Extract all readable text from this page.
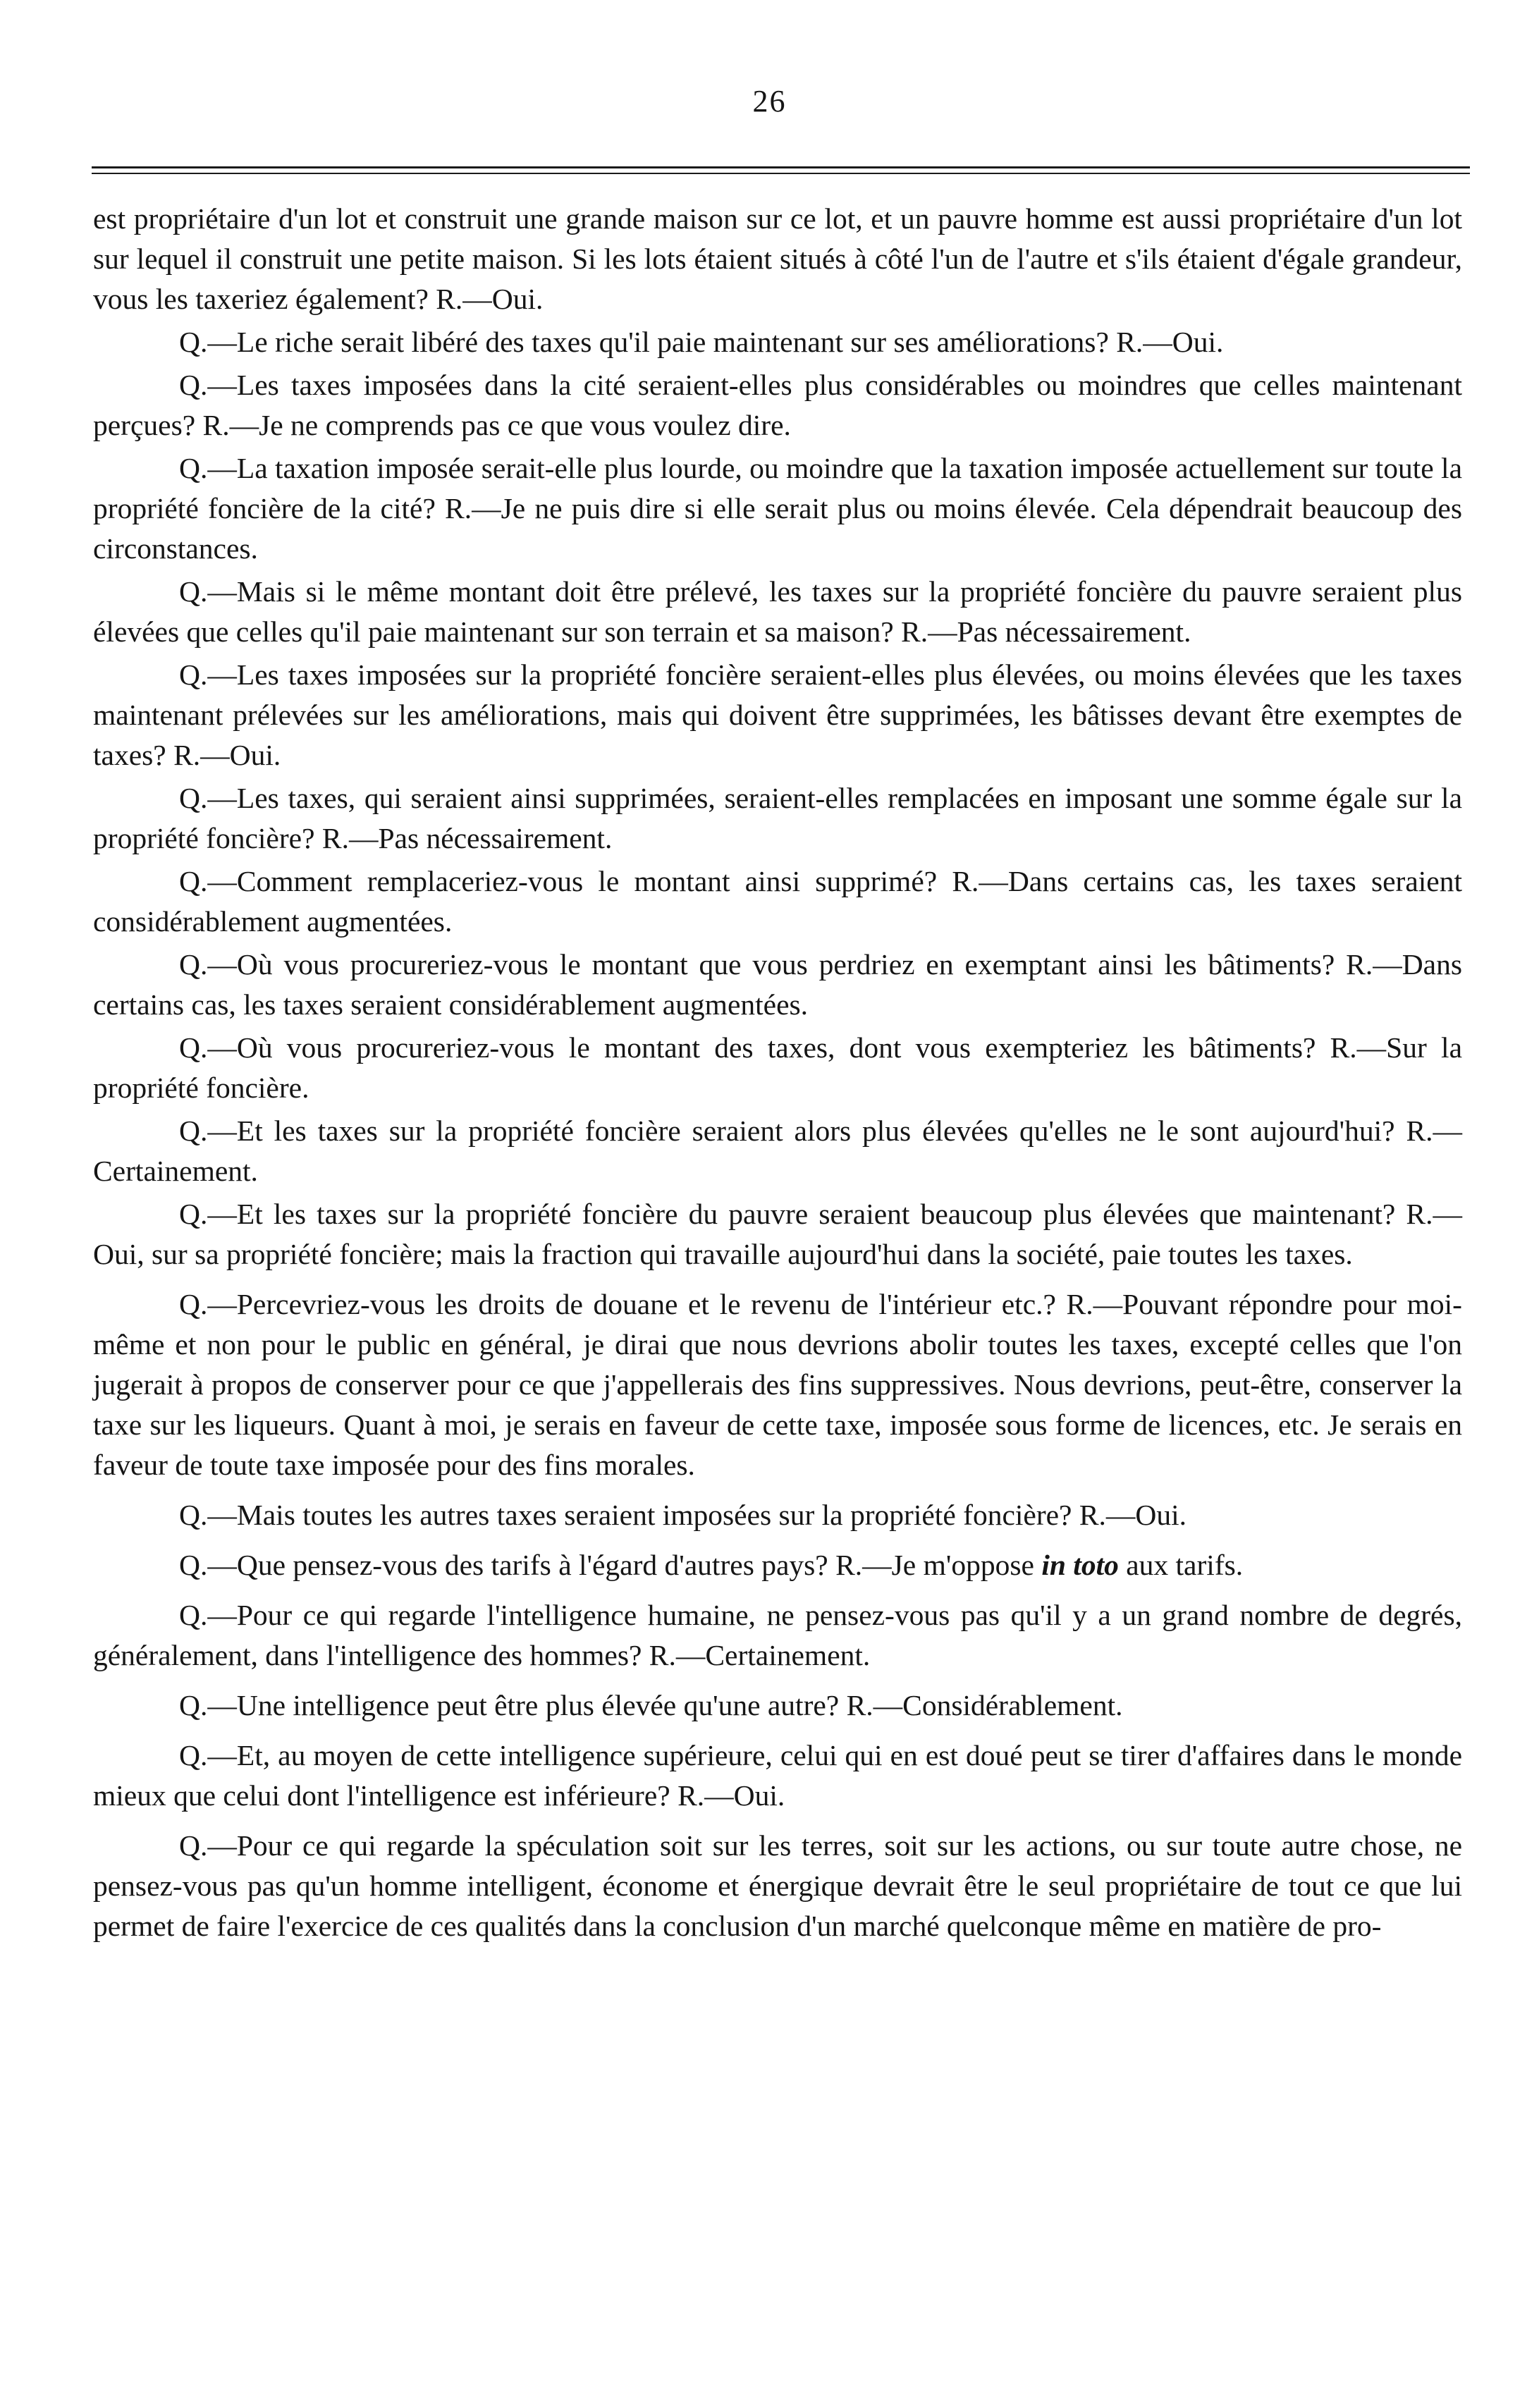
26

est propriétaire d'un lot et construit une grande maison sur ce lot, et un pauvre homme est aussi propriétaire d'un lot sur lequel il construit une petite maison. Si les lots étaient situés à côté l'un de l'autre et s'ils étaient d'égale grandeur, vous les taxeriez également? R.—Oui.

Q.—Le riche serait libéré des taxes qu'il paie maintenant sur ses améliorations? R.—Oui.

Q.—Les taxes imposées dans la cité seraient-elles plus considérables ou moindres que celles maintenant perçues? R.—Je ne comprends pas ce que vous voulez dire.

Q.—La taxation imposée serait-elle plus lourde, ou moindre que la taxation imposée actuellement sur toute la propriété foncière de la cité? R.—Je ne puis dire si elle serait plus ou moins élevée. Cela dépendrait beaucoup des circonstances.

Q.—Mais si le même montant doit être prélevé, les taxes sur la propriété foncière du pauvre seraient plus élevées que celles qu'il paie maintenant sur son terrain et sa maison? R.—Pas nécessairement.

Q.—Les taxes imposées sur la propriété foncière seraient-elles plus élevées, ou moins élevées que les taxes maintenant prélevées sur les améliorations, mais qui doivent être supprimées, les bâtisses devant être exemptes de taxes? R.—Oui.

Q.—Les taxes, qui seraient ainsi supprimées, seraient-elles remplacées en imposant une somme égale sur la propriété foncière? R.—Pas nécessairement.

Q.—Comment remplaceriez-vous le montant ainsi supprimé? R.—Dans certains cas, les taxes seraient considérablement augmentées.

Q.—Où vous procureriez-vous le montant que vous perdriez en exemptant ainsi les bâtiments? R.—Dans certains cas, les taxes seraient considérablement augmentées.

Q.—Où vous procureriez-vous le montant des taxes, dont vous exempteriez les bâtiments? R.—Sur la propriété foncière.

Q.—Et les taxes sur la propriété foncière seraient alors plus élevées qu'elles ne le sont aujourd'hui? R.—Certainement.

Q.—Et les taxes sur la propriété foncière du pauvre seraient beaucoup plus élevées que maintenant? R.—Oui, sur sa propriété foncière; mais la fraction qui travaille aujourd'hui dans la société, paie toutes les taxes.

Q.—Percevriez-vous les droits de douane et le revenu de l'intérieur etc.? R.—Pouvant répondre pour moi-même et non pour le public en général, je dirai que nous devrions abolir toutes les taxes, excepté celles que l'on jugerait à propos de conserver pour ce que j'appellerais des fins suppressives. Nous devrions, peut-être, conserver la taxe sur les liqueurs. Quant à moi, je serais en faveur de cette taxe, imposée sous forme de licences, etc. Je serais en faveur de toute taxe imposée pour des fins morales.

Q.—Mais toutes les autres taxes seraient imposées sur la propriété foncière? R.—Oui.

Q.—Que pensez-vous des tarifs à l'égard d'autres pays? R.—Je m'oppose in toto aux tarifs.

Q.—Pour ce qui regarde l'intelligence humaine, ne pensez-vous pas qu'il y a un grand nombre de degrés, généralement, dans l'intelligence des hommes? R.—Certainement.

Q.—Une intelligence peut être plus élevée qu'une autre? R.—Considérablement.

Q.—Et, au moyen de cette intelligence supérieure, celui qui en est doué peut se tirer d'affaires dans le monde mieux que celui dont l'intelligence est inférieure? R.—Oui.

Q.—Pour ce qui regarde la spéculation soit sur les terres, soit sur les actions, ou sur toute autre chose, ne pensez-vous pas qu'un homme intelligent, économe et énergique devrait être le seul propriétaire de tout ce que lui permet de faire l'exercice de ces qualités dans la conclusion d'un marché quelconque même en matière de pro-
